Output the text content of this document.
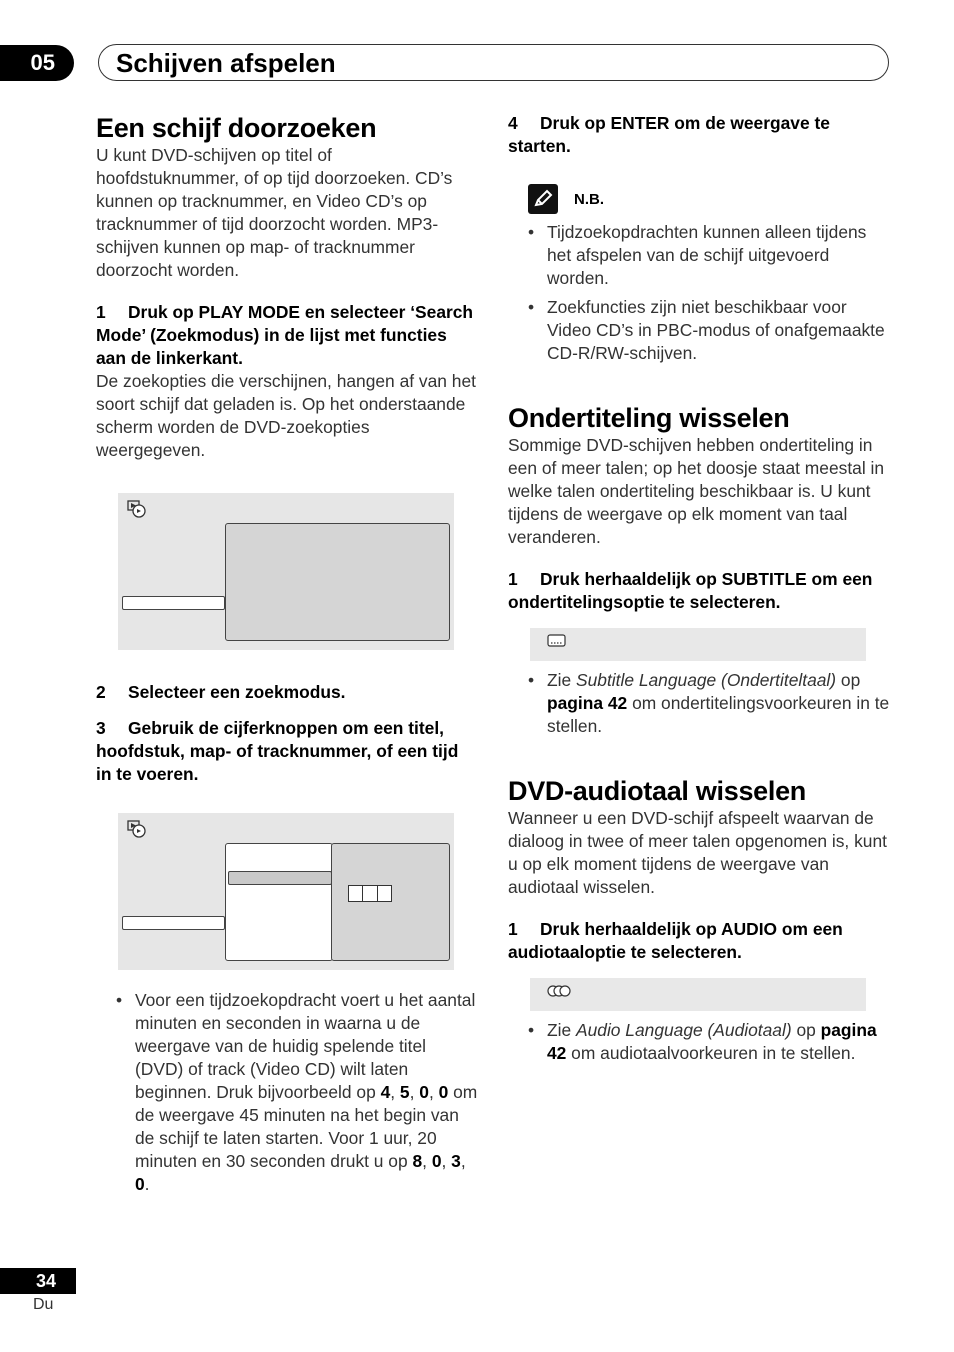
05 Schijven afspelen
Een schijf doorzoeken

U kunt DVD-schijven op titel of hoofdstuknummer, of op tijd doorzoeken. CD’s kunnen op tracknummer, en Video CD’s op tracknummer of tijd doorzocht worden. MP3-schijven kunnen op map- of tracknummer doorzocht worden.

1 Druk op PLAY MODE en selecteer ‘Search Mode’ (Zoekmodus) in de lijst met functies aan de linkerkant.

De zoekopties die verschijnen, hangen af van het soort schijf dat geladen is. Op het onderstaande scherm worden de DVD-zoekopties weergegeven.

2 Selecteer een zoekmodus.

3 Gebruik de cijferknoppen om een titel, hoofdstuk, map- of tracknummer, of een tijd in te voeren.

• Voor een tijdzoekopdracht voert u het aantal minuten en seconden in waarna u de weergave van de huidig spelende titel (DVD) of track (Video CD) wilt laten beginnen. Druk bijvoorbeeld op 4, 5, 0, 0 om de weergave 45 minuten na het begin van de schijf te laten starten. Voor 1 uur, 20 minuten en 30 seconden drukt u op 8, 0, 3, 0.

4 Druk op ENTER om de weergave te starten.

N.B.
• Tijdzoekopdrachten kunnen alleen tijdens het afspelen van de schijf uitgevoerd worden.
• Zoekfuncties zijn niet beschikbaar voor Video CD’s in PBC-modus of onafgemaakte CD-R/RW-schijven.
Ondertiteling wisselen

Sommige DVD-schijven hebben ondertiteling in een of meer talen; op het doosje staat meestal in welke talen ondertiteling beschikbaar is. U kunt tijdens de weergave op elk moment van taal veranderen.

1 Druk herhaaldelijk op SUBTITLE om een ondertitelingsoptie te selecteren.

• Zie Subtitle Language (Ondertiteltaal) op pagina 42 om ondertitelingsvoorkeuren in te stellen.
DVD-audiotaal wisselen

Wanneer u een DVD-schijf afspeelt waarvan de dialoog in twee of meer talen opgenomen is, kunt u op elk moment tijdens de weergave van audiotaal wisselen.

1 Druk herhaaldelijk op AUDIO om een audiotaaloptie te selecteren.

• Zie Audio Language (Audiotaal) op pagina 42 om audiotaalvoorkeuren in te stellen.
34
Du
